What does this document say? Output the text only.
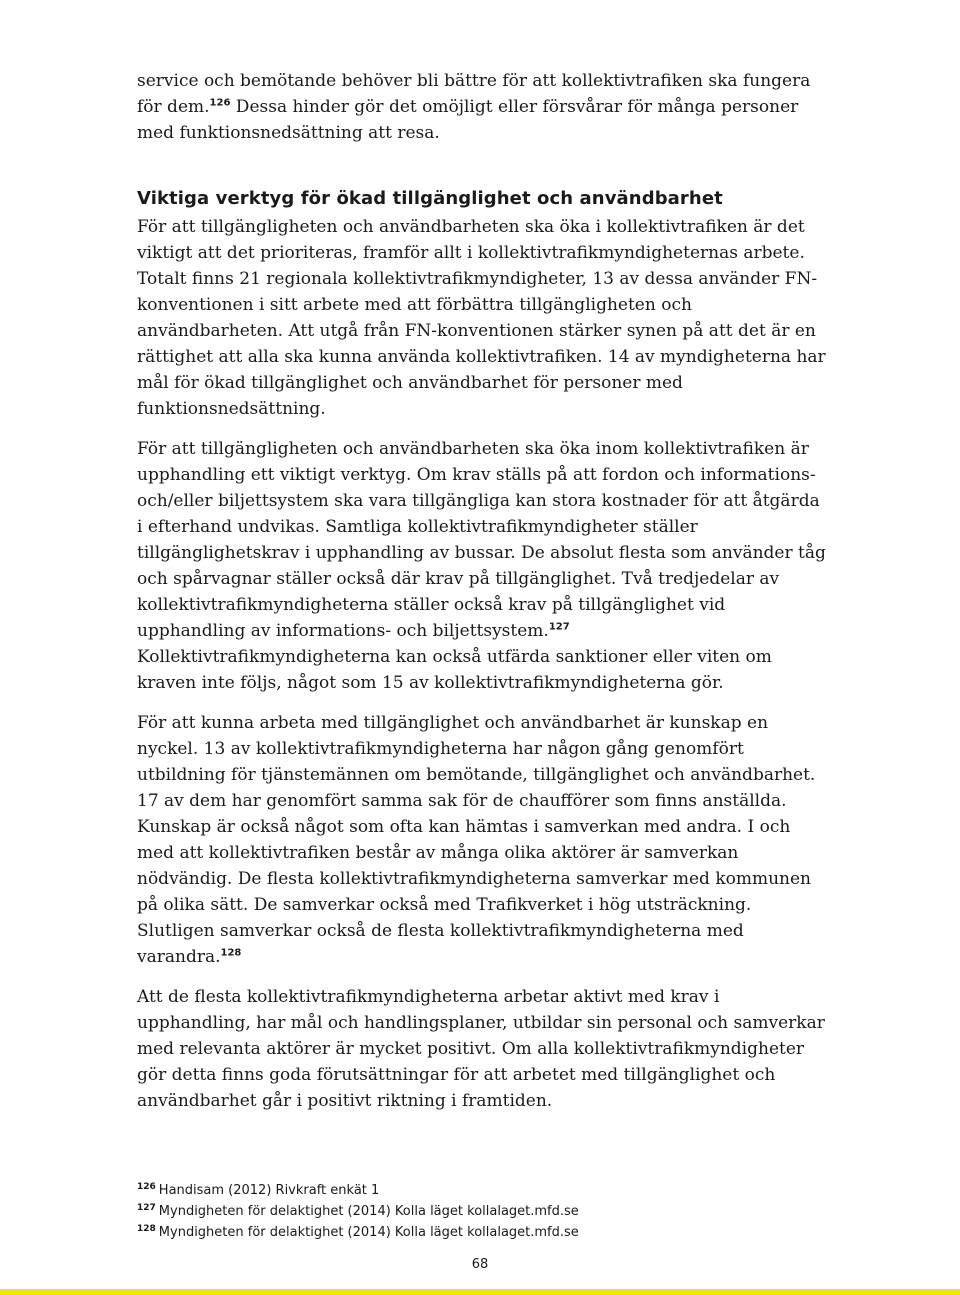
service och bemötande behöver bli bättre för att kollektivtrafiken ska fungera för dem.$^{126}$ Dessa hinder gör det omöjligt eller försvårar för många personer med funktionsnedsättning att resa.

Viktiga verktyg för ökad tillgänglighet och användbarhet

För att tillgängligheten och användbarheten ska öka i kollektivtrafiken är det viktigt att det prioriteras, framför allt i kollektivtrafikmyndigheternas arbete. Totalt finns 21 regionala kollektivtrafikmyndigheter, 13 av dessa använder FN-konventionen i sitt arbete med att förbättra tillgängligheten och användbarheten. Att utgå från FN-konventionen stärker synen på att det är en rättighet att alla ska kunna använda kollektivtrafiken. 14 av myndigheterna har mål för ökad tillgänglighet och användbarhet för personer med funktionsnedsättning.

För att tillgängligheten och användbarheten ska öka inom kollektivtrafiken är upphandling ett viktigt verktyg. Om krav ställs på att fordon och informations-och/eller biljettsystem ska vara tillgängliga kan stora kostnader för att åtgärda i efterhand undvikas. Samtliga kollektivtrafikmyndigheter ställer tillgänglighetskrav i upphandling av bussar. De absolut flesta som använder tåg och spårvagnar ställer också där krav på tillgänglighet. Två tredjedelar av kollektivtrafikmyndigheterna ställer också krav på tillgänglighet vid upphandling av informations- och biljettsystem.$^{127}$ Kollektivtrafikmyndigheterna kan också utfärda sanktioner eller viten om kraven inte följs, något som 15 av kollektivtrafikmyndigheterna gör.

För att kunna arbeta med tillgänglighet och användbarhet är kunskap en nyckel. 13 av kollektivtrafikmyndigheterna har någon gång genomfört utbildning för tjänstemännen om bemötande, tillgänglighet och användbarhet. 17 av dem har genomfört samma sak för de chaufförer som finns anställda. Kunskap är också något som ofta kan hämtas i samverkan med andra. I och med att kollektivtrafiken består av många olika aktörer är samverkan nödvändig. De flesta kollektivtrafikmyndigheterna samverkar med kommunen på olika sätt. De samverkar också med Trafikverket i hög utsträckning. Slutligen samverkar också de flesta kollektivtrafikmyndigheterna med varandra.$^{128}$

Att de flesta kollektivtrafikmyndigheterna arbetar aktivt med krav i upphandling, har mål och handlingsplaner, utbildar sin personal och samverkar med relevanta aktörer är mycket positivt. Om alla kollektivtrafikmyndigheter gör detta finns goda förutsättningar för att arbetet med tillgänglighet och användbarhet går i positivt riktning i framtiden.

$^{126}$ Handisam (2012) Rivkraft enkät 1
$^{127}$ Myndigheten för delaktighet (2014) Kolla läget kollalaget.mfd.se
$^{128}$ Myndigheten för delaktighet (2014) Kolla läget kollalaget.mfd.se
68
